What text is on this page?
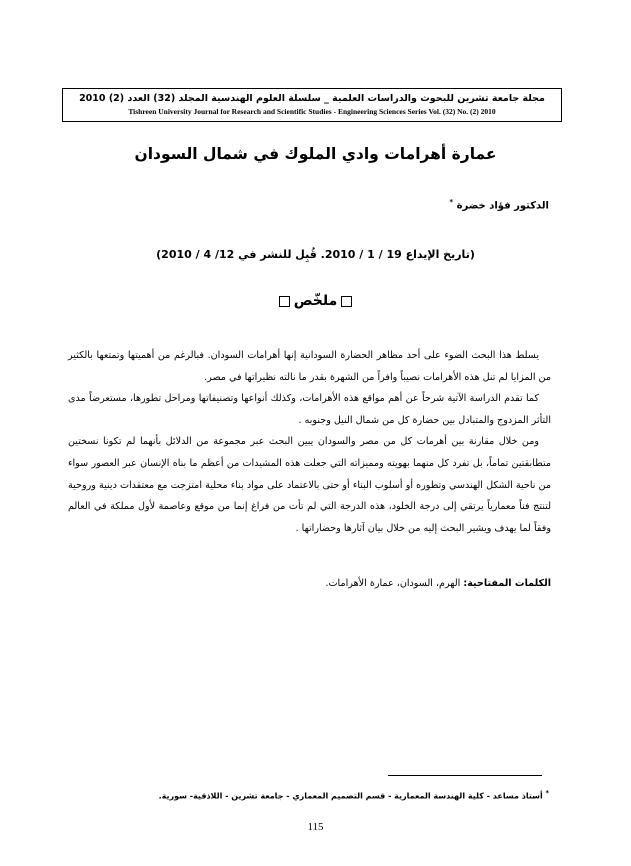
مجلة جامعة تشرين للبحوث والدراسات العلمية _ سلسلة العلوم الهندسية المجلد (32) العدد (2) 2010
Tishreen University Journal for Research and Scientific Studies - Engineering Sciences Series Vol. (32) No. (2) 2010
عمارة أهرامات وادي الملوك في شمال السودان
الدكتور فؤاد خضرة *
(تاريخ الإيداع 19 / 1 / 2010. قُبِل للنشر في 12/ 4 / 2010)
ملخّص

يسلط هذا البحث الضوء على أحد مظاهر الحضارة السودانية إنها أهرامات السودان. فبالرغم من أهميتها وتمتعها بالكثير من المزايا لم تنل هذه الأهرامات نصيباً وافراً من الشهرة بقدر ما نالته نظيراتها في مصر.

كما تقدم الدراسة الآتية شرحاً عن أهم مواقع هذه الأهرامات، وكذلك أنواعها وتصنيفاتها ومراحل تطورها، مستعرضاً مدى التأثر المزدوج والمتبادل بين حضارة كل من شمال النيل وجنوبه .

ومن خلال مقارنة بين أهرمات كل من مصر والسودان يبين البحث عبر مجموعة من الدلائل بأنهما لم تكونا نسختين متطابقتين تماماً، بل تفرد كل منهما بهويته ومميزاته التي جعلت هذه المشيدات من أعظم ما بناه الإنسان عبر العصور سواء من ناحية الشكل الهندسي وتطوره أو أسلوب البناء أو حتى بالاعتماد على مواد بناء محلية امتزجت مع معتقدات دينية وروحية لتنتج فناً معمارياً يرتقي إلى درجة الخلود، هذه الدرجة التي لم تأت من فراغ إنما من موقع وعاصمة لأول مملكة في العالم وفقاً لما يهدف ويشير البحث إليه من خلال بيان آثارها وحضاراتها .

الكلمات المفتاحية: الهرم، السودان، عمارة الأهرامات.
* أستاذ مساعد - كلية الهندسة المعمارية - قسم التصميم المعماري - جامعة تشرين - اللاذقية- سورية.
115
